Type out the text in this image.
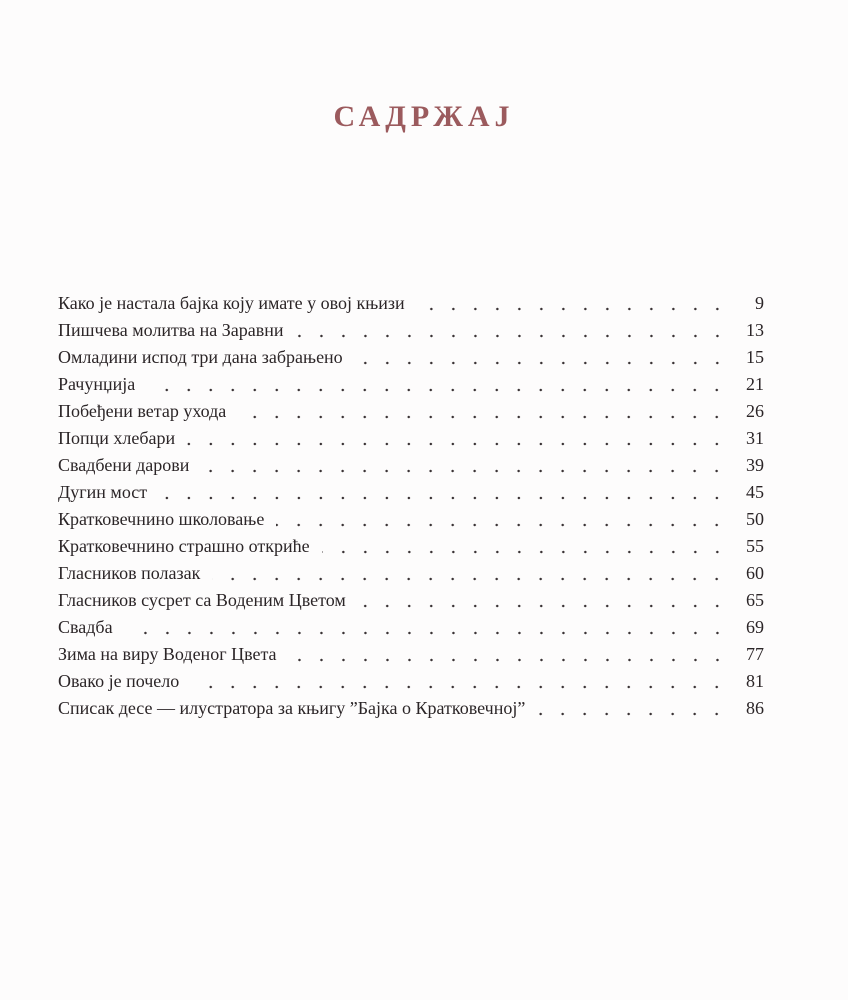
САДРЖАЈ
Како је настала бајка коју имате у овој књизи	9
Пишчева молитва на Заравни	13
Омладини испод три дана забрањено	15
Рачунџија	21
Побеђени ветар ухода	26
Попци хлебари	31
Свадбени дарови	39
Дугин мост	45
Кратковечнино школовање	50
Кратковечнино страшно откриће	55
Гласников полазак	60
Гласников сусрет са Воденим Цветом	65
Свадба	69
Зима на виру Воденог Цвета	77
Овако је почело	81
Списак десе — илустратора за књигу ”Бајка о Кратковечној”	86
